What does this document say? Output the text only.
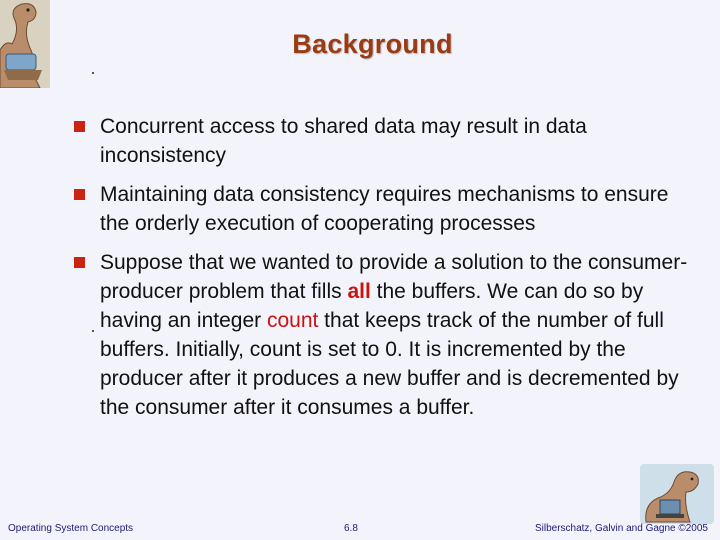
Background
Concurrent access to shared data may result in data inconsistency
Maintaining data consistency requires mechanisms to ensure the orderly execution of cooperating processes
Suppose that we wanted to provide a solution to the consumer-producer problem that fills all the buffers. We can do so by having an integer count that keeps track of the number of full buffers. Initially, count is set to 0. It is incremented by the producer after it produces a new buffer and is decremented by the consumer after it consumes a buffer.
Operating System Concepts	6.8	Silberschatz, Galvin and Gagne ©2005
